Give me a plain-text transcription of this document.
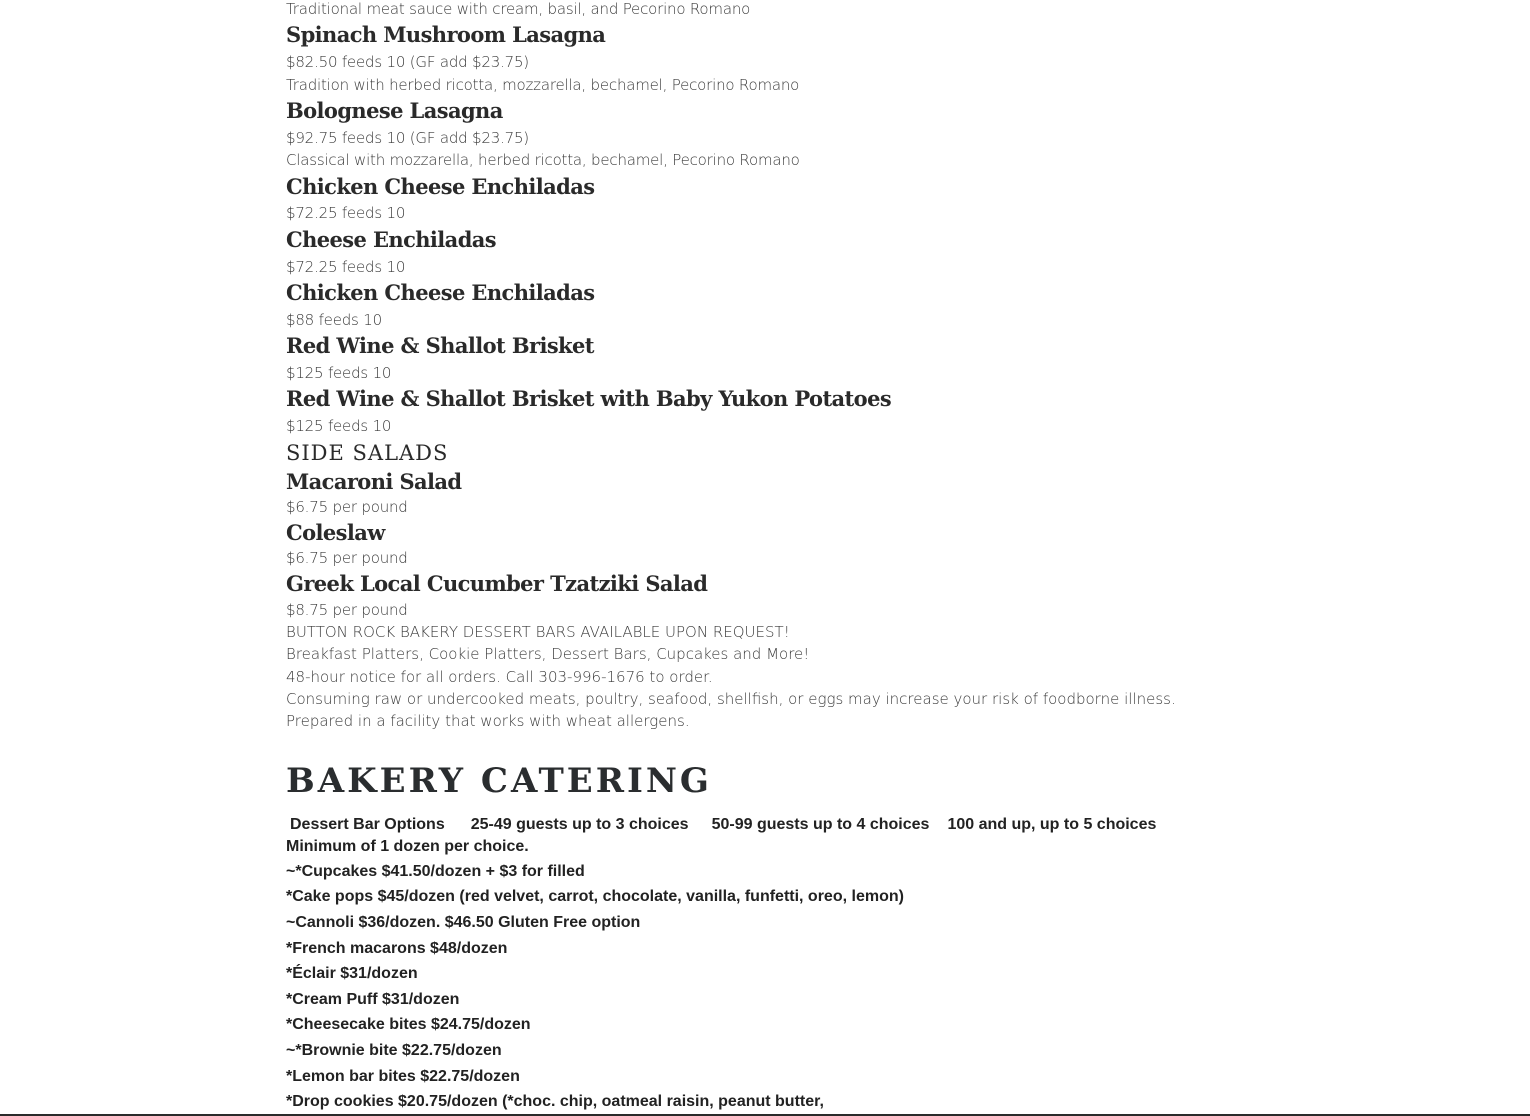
Traditional meat sauce with cream, basil, and Pecorino Romano
Spinach Mushroom Lasagna
$82.50 feeds 10 (GF add $23.75)
Tradition with herbed ricotta, mozzarella, bechamel, Pecorino Romano
Bolognese Lasagna
$92.75 feeds 10 (GF add $23.75)
Classical with mozzarella, herbed ricotta, bechamel, Pecorino Romano
Chicken Cheese Enchiladas
$72.25 feeds 10
Cheese Enchiladas
$72.25 feeds 10
Chicken Cheese Enchiladas
$88 feeds 10
Red Wine & Shallot Brisket
$125 feeds 10
Red Wine & Shallot Brisket with Baby Yukon Potatoes
$125 feeds 10
SIDE SALADS
Macaroni Salad
$6.75 per pound
Coleslaw
$6.75 per pound
Greek Local Cucumber Tzatziki Salad
$8.75 per pound
BUTTON ROCK BAKERY DESSERT BARS AVAILABLE UPON REQUEST!
Breakfast Platters, Cookie Platters, Dessert Bars, Cupcakes and More!
48-hour notice for all orders. Call 303-996-1676 to order.
Consuming raw or undercooked meats, poultry, seafood, shellfish, or eggs may increase your risk of foodborne illness. Prepared in a facility that works with wheat allergens.
BAKERY CATERING
Dessert Bar Options 25-49 guests up to 3 choices 50-99 guests up to 4 choices 100 and up, up to 5 choices
Minimum of 1 dozen per choice.
~*Cupcakes $41.50/dozen + $3 for filled
*Cake pops $45/dozen (red velvet, carrot, chocolate, vanilla, funfetti, oreo, lemon)
~Cannoli $36/dozen. $46.50 Gluten Free option
*French macarons $48/dozen
*Éclair $31/dozen
*Cream Puff $31/dozen
*Cheesecake bites $24.75/dozen
~*Brownie bite $22.75/dozen
*Lemon bar bites $22.75/dozen
*Drop cookies $20.75/dozen (*choc. chip, oatmeal raisin, peanut butter,
